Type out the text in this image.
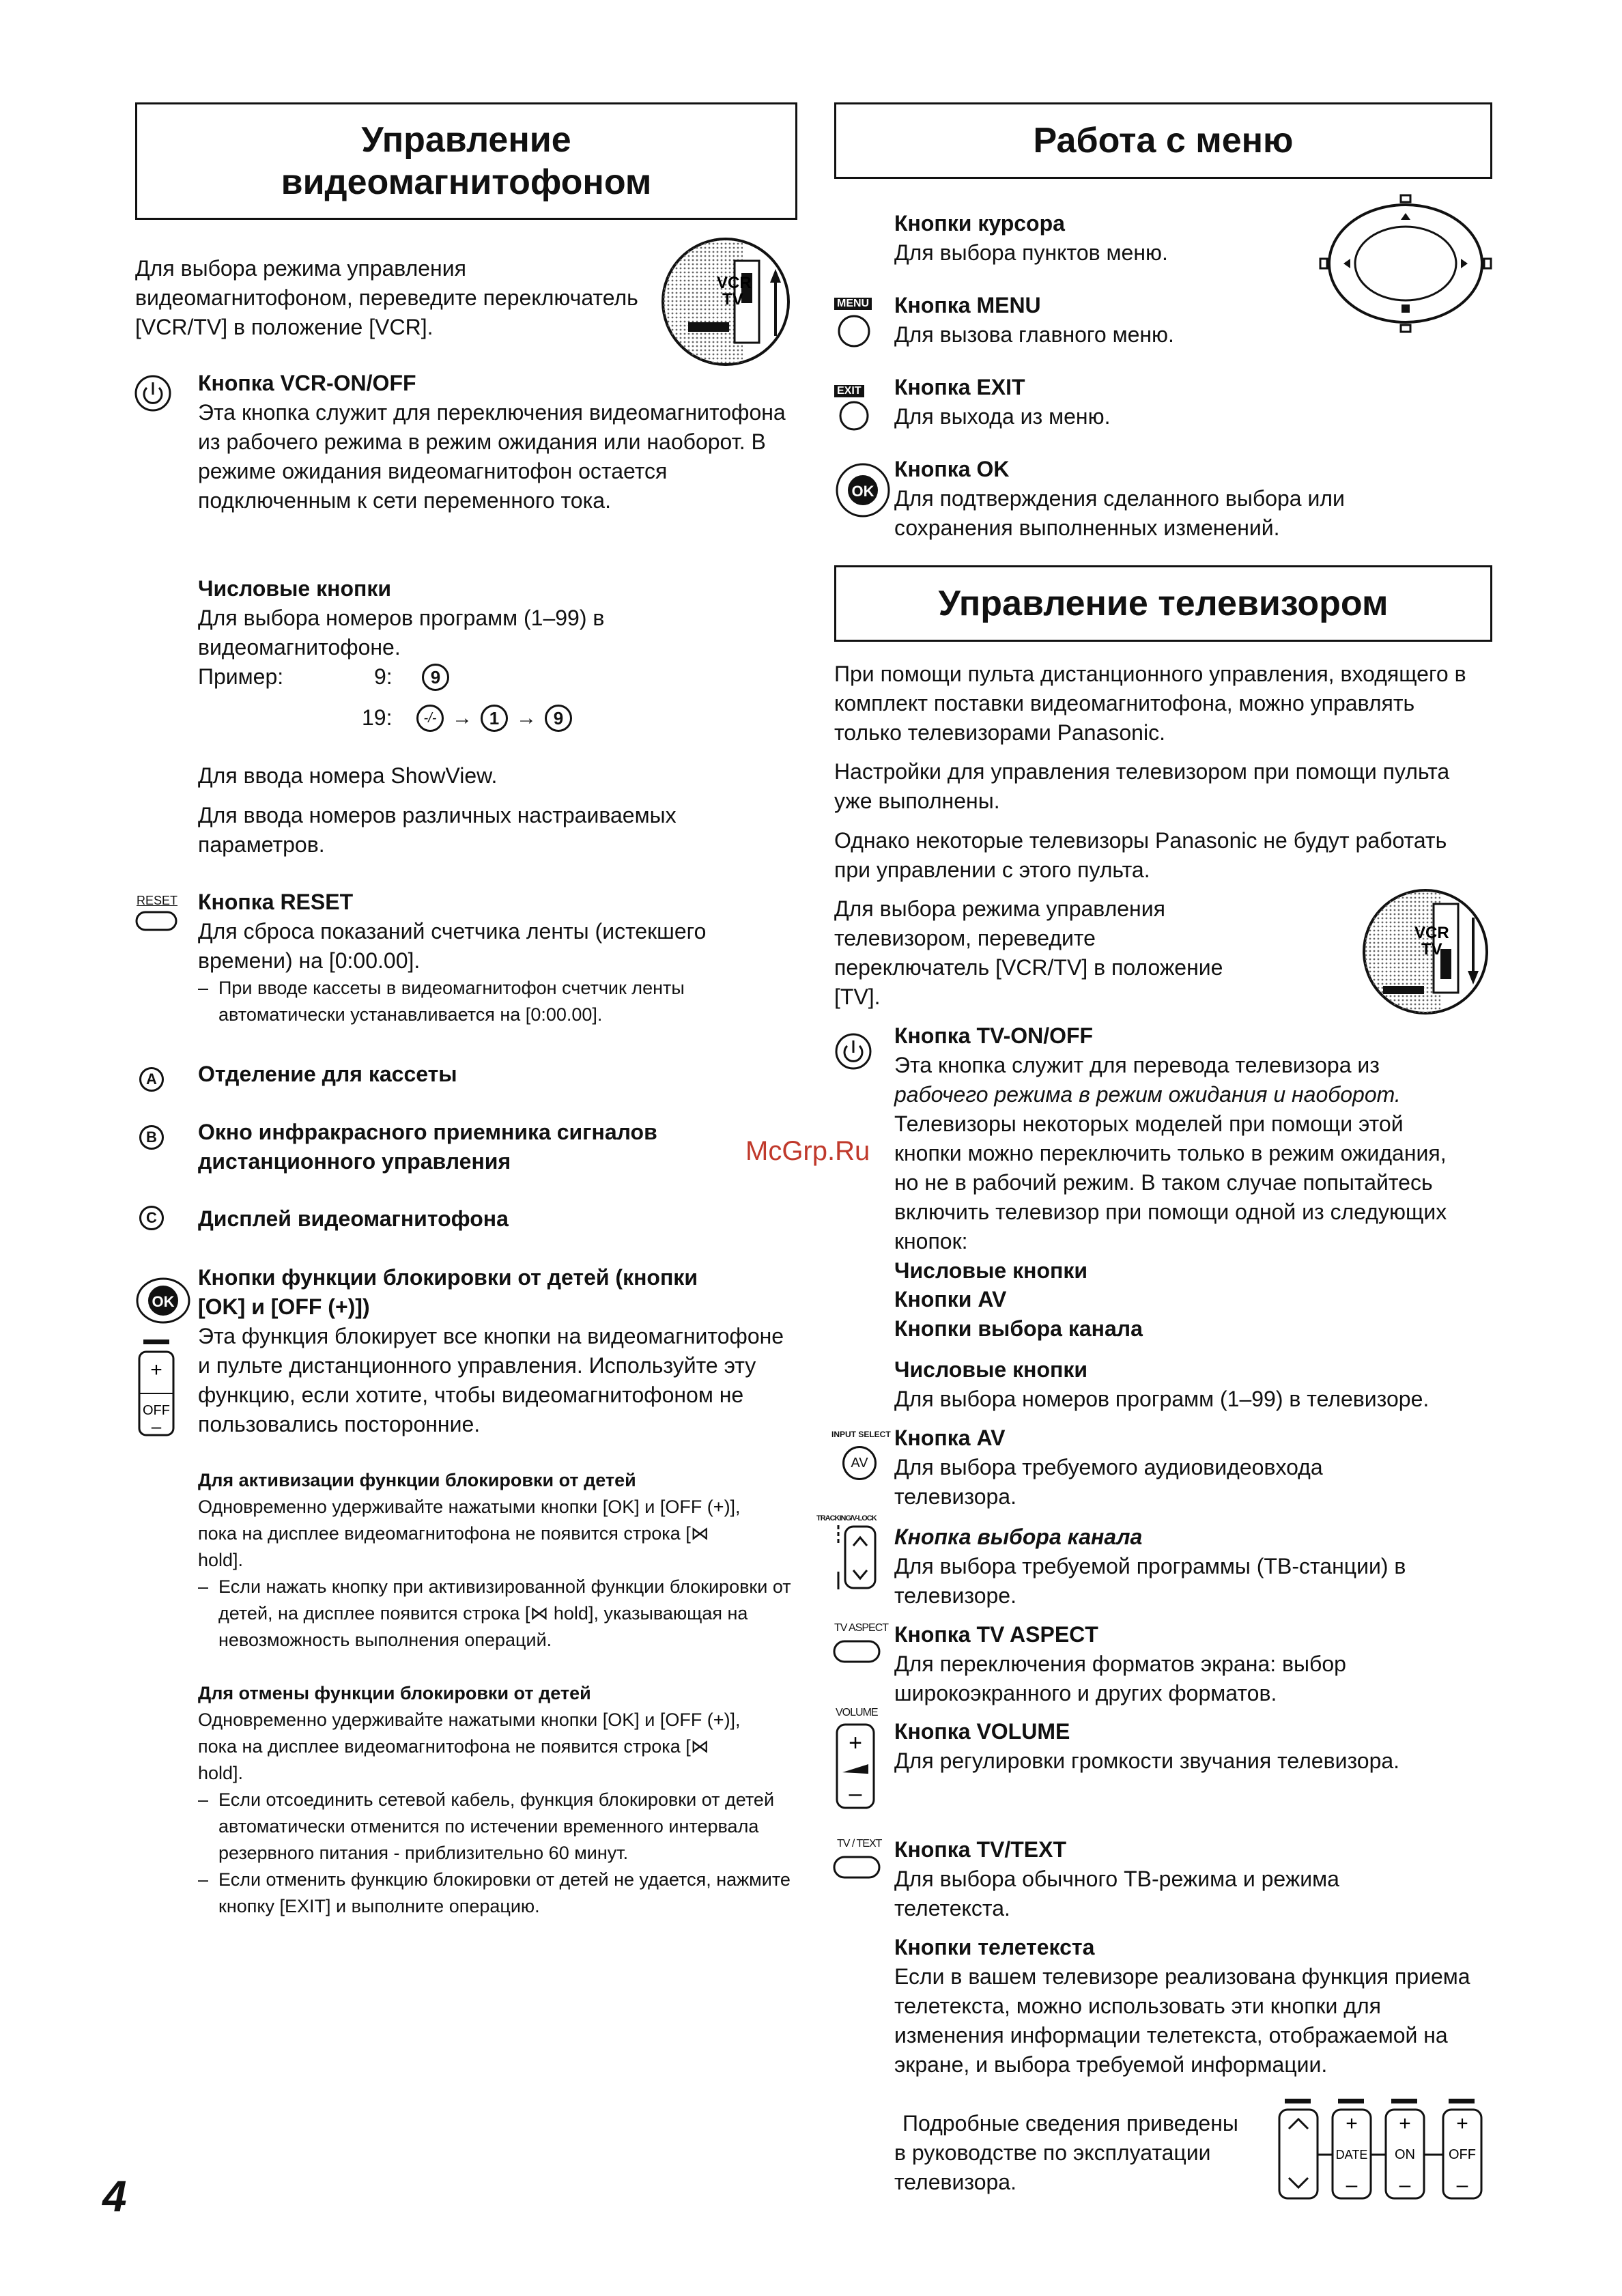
Управление видеомагнитофоном
Для выбора режима управления видеомагнитофоном, переведите переключатель [VCR/TV] в положение [VCR].
VCR
TV
Кнопка VCR-ON/OFF
Эта кнопка служит для переключения видеомагнитофона из рабочего режима в режим ожидания или наоборот. В режиме ожидания видеомагнитофон остается подключенным к сети переменного тока.
Числовые кнопки
Для выбора номеров программ (1–99) в видеомагнитофоне.
Пример:	9:	9
19:	-/- → 1 → 9
Для ввода номера ShowView.
Для ввода номеров различных настраиваемых параметров.
RESET Кнопка RESET
Для сброса показаний счетчика ленты (истекшего времени) на [0:00.00].
– При вводе кассеты в видеомагнитофон счетчик ленты автоматически устанавливается на [0:00.00].
A	Отделение для кассеты
B	Окно инфракрасного приемника сигналов дистанционного управления
C	Дисплей видеомагнитофона
OK
+
OFF
–
Кнопки функции блокировки от детей (кнопки [OK] и [OFF (+)])
Эта функция блокирует все кнопки на видеомагнитофоне и пульте дистанционного управления. Используйте эту функцию, если хотите, чтобы видеомагнитофоном не пользовались посторонние.
Для активизации функции блокировки от детей
Одновременно удерживайте нажатыми кнопки [OK] и [OFF (+)], пока на дисплее видеомагнитофона не появится строка [⋈ hold].
– Если нажать кнопку при активизированной функции блокировки от детей, на дисплее появится строка [⋈ hold], указывающая на невозможность выполнения операций.
Для отмены функции блокировки от детей
Одновременно удерживайте нажатыми кнопки [OK] и [OFF (+)], пока на дисплее видеомагнитофона не появится строка [⋈ hold].
– Если отсоединить сетевой кабель, функция блокировки от детей автоматически отменится по истечении временного интервала резервного питания - приблизительно 60 минут.
– Если отменить функцию блокировки от детей не удается, нажмите кнопку [EXIT] и выполните операцию.
McGrp.Ru
Работа с меню
Кнопки курсора
Для выбора пунктов меню.
MENU Кнопка MENU
Для вызова главного меню.
EXIT Кнопка EXIT
Для выхода из меню.
OK
Кнопка OK
Для подтверждения сделанного выбора или сохранения выполненных изменений.
Управление телевизором
При помощи пульта дистанционного управления, входящего в комплект поставки видеомагнитофона, можно управлять только телевизорами Panasonic.
Настройки для управления телевизором при помощи пульта уже выполнены.
Однако некоторые телевизоры Panasonic не будут работать при управлении с этого пульта.
Для выбора режима управления телевизором, переведите переключатель [VCR/TV] в положение [TV].
VCR
TV
Кнопка TV-ON/OFF
Эта кнопка служит для перевода телевизора из
рабочего режима в режим ожидания и наоборот.
Телевизоры некоторых моделей при помощи этой кнопки можно переключить только в режим ожидания, но не в рабочий режим. В таком случае попытайтесь включить телевизор при помощи одной из следующих кнопок:
Числовые кнопки
Кнопки AV
Кнопки выбора канала
Числовые кнопки
Для выбора номеров программ (1–99) в телевизоре.
INPUT SELECT
AV
Кнопка AV
Для выбора требуемого аудиовидеовхода телевизора.
TRACKING/V-LOCK
Кнопка выбора канала
Для выбора требуемой программы (ТВ-станции) в телевизоре.
TV ASPECT Кнопка TV ASPECT
Для переключения форматов экрана: выбор широкоэкранного и других форматов.
VOLUME
+
–
Кнопка VOLUME
Для регулировки громкости звучания телевизора.
TV / TEXT Кнопка TV/TEXT
Для выбора обычного ТВ-режима и режима телетекста.
Кнопки телетекста
Если в вашем телевизоре реализована функция приема телетекста, можно использовать эти кнопки для изменения информации телетекста, отображаемой на экране, и выбора требуемой информации.
Подробные сведения приведены в руководстве по эксплуатации телевизора.
+
DATE
–
+
ON
–
+
OFF
–
4
